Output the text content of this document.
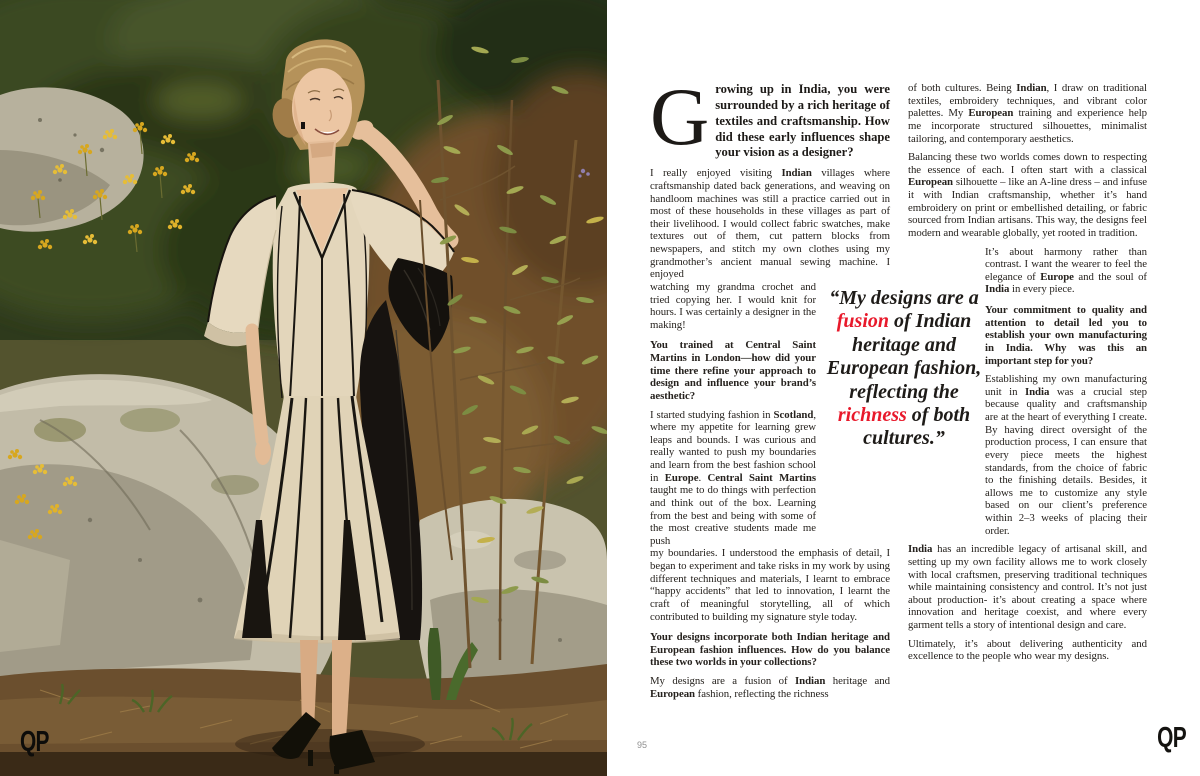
QP
Growing up in India, you were surrounded by a rich heritage of textiles and craftsmanship. How did these early influences shape your vision as a designer?

I really enjoyed visiting Indian villages where craftsmanship dated back generations, and weaving on handloom machines was still a practice carried out in most of these households in these villages as part of their livelihood. I would collect fabric swatches, make textures out of them, cut pattern blocks from newspapers, and stitch my own clothes using my grandmother’s ancient manual sewing machine. I enjoyed

watching my grandma crochet and tried copying her. I would knit for hours. I was certainly a designer in the making!

You trained at Central Saint Martins in London—how did your time there refine your approach to design and influence your brand’s aesthetic?

I started studying fashion in Scotland, where my appetite for learning grew leaps and bounds. I was curious and really wanted to push my boundaries and learn from the best fashion school in Europe. Central Saint Martins taught me to do things with perfection and think out of the box. Learning from the best and being with some of the most creative students made me push

my boundaries. I understood the emphasis of detail, I began to experiment and take risks in my work by using different techniques and materials, I learnt to embrace “happy accidents” that led to innovation, I learnt the craft of meaningful storytelling, all of which contributed to building my signature style today.

Your designs incorporate both Indian heritage and European fashion influences. How do you balance these two worlds in your collections?

My designs are a fusion of Indian heritage and European fashion, reflecting the richness

of both cultures. Being Indian, I draw on traditional textiles, embroidery techniques, and vibrant color palettes. My European training and experience help me incorporate structured silhouettes, minimalist tailoring, and contemporary aesthetics.

Balancing these two worlds comes down to respecting the essence of each. I often start with a classical European silhouette – like an A-line dress – and infuse it with Indian craftsmanship, whether it’s hand embroidery on print or embellished detailing, or fabric sourced from Indian artisans. This way, the designs feel modern and wearable globally, yet rooted in tradition.

It’s about harmony rather than contrast. I want the wearer to feel the elegance of Europe and the soul of India in every piece.

Your commitment to quality and attention to detail led you to establish your own manufacturing in India. Why was this an important step for you?

Establishing my own manufacturing unit in India was a crucial step because quality and craftsmanship are at the heart of everything I create. By having direct oversight of the production process, I can ensure that every piece meets the highest standards, from the choice of fabric to the finishing details. Besides, it allows me to customize any style based on our client’s preference within 2–3 weeks of placing their order.

India has an incredible legacy of artisanal skill, and setting up my own facility allows me to work closely with local craftsmen, preserving traditional techniques while maintaining consistency and control. It’s not just about production- it’s about creating a space where innovation and heritage coexist, and where every garment tells a story of intentional design and care.

Ultimately, it’s about delivering authenticity and excellence to the people who wear my designs.

“My designs are a fusion of Indian heritage and European fashion, reflecting the richness of both cultures.”
95	QP
